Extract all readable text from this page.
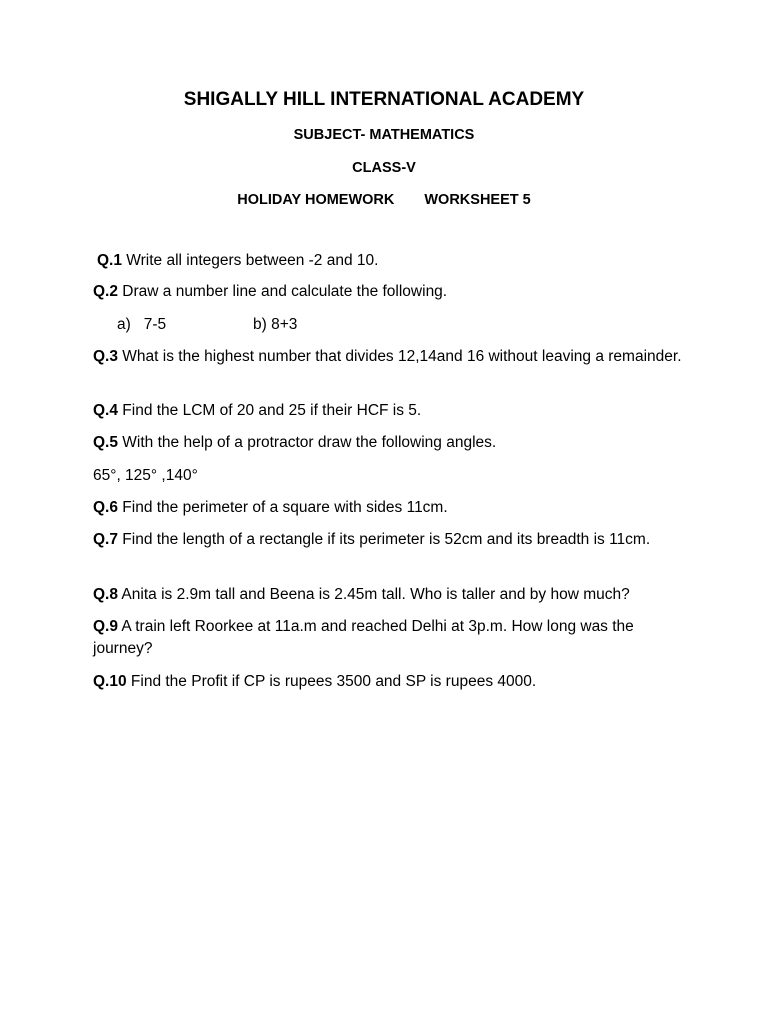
SHIGALLY HILL INTERNATIONAL ACADEMY
SUBJECT- MATHEMATICS
CLASS-V
HOLIDAY HOMEWORK WORKSHEET 5
Q.1 Write all integers between -2 and 10.
Q.2 Draw a number line and calculate the following.
a)   7-5	b) 8+3
Q.3 What is the highest number that divides 12,14and 16 without leaving a remainder.
Q.4 Find the LCM of 20 and 25 if their HCF is 5.
Q.5 With the help of a protractor draw the following angles.
65°, 125° ,140°
Q.6 Find the perimeter of a square with sides 11cm.
Q.7 Find the length of a rectangle if its perimeter is 52cm and its breadth is 11cm.
Q.8 Anita is 2.9m tall and Beena is 2.45m tall. Who is taller and by how much?
Q.9 A train left Roorkee at 11a.m and reached Delhi at 3p.m. How long was the journey?
Q.10 Find the Profit if CP is rupees 3500 and SP is rupees 4000.
